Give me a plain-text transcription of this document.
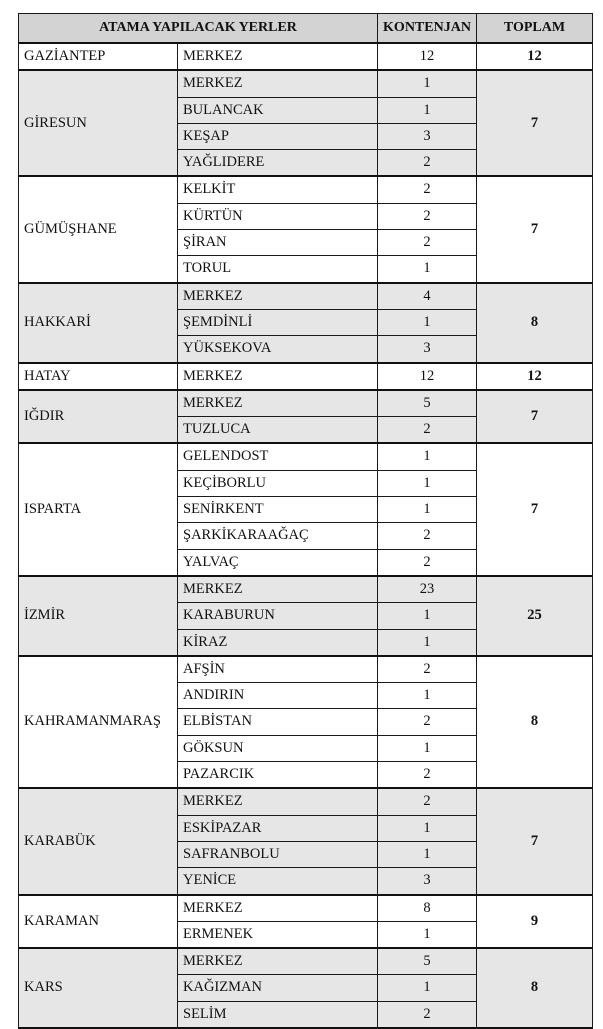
ATAMA YAPILACAK YERLER		KONTENJAN	TOPLAM
GAZİANTEP	MERKEZ	12	12
GİRESUN	MERKEZ	1	7
	BULANCAK	1	
	KEŞAP	3	
	YAĞLIDERE	2	
GÜMÜŞHANE	KELKİT	2	7
	KÜRTÜN	2	
	ŞİRAN	2	
	TORUL	1	
HAKKARİ	MERKEZ	4	8
	ŞEMDİNLİ	1	
	YÜKSEKOVA	3	
HATAY	MERKEZ	12	12
IĞDIR	MERKEZ	5	7
	TUZLUCA	2	
ISPARTA	GELENDOST	1	7
	KEÇİBORLU	1	
	SENİRKENT	1	
	ŞARKİKARAAĞAÇ	2	
	YALVAÇ	2	
İZMİR	MERKEZ	23	25
	KARABURUN	1	
	KİRAZ	1	
KAHRAMANMARAŞ	AFŞİN	2	8
	ANDIRIN	1	
	ELBİSTAN	2	
	GÖKSUN	1	
	PAZARCIK	2	
KARABÜK	MERKEZ	2	7
	ESKİPAZAR	1	
	SAFRANBOLU	1	
	YENİCE	3	
KARAMAN	MERKEZ	8	9
	ERMENEK	1	
KARS	MERKEZ	5	8
	KAĞIZMAN	1	
	SELİM	2	
